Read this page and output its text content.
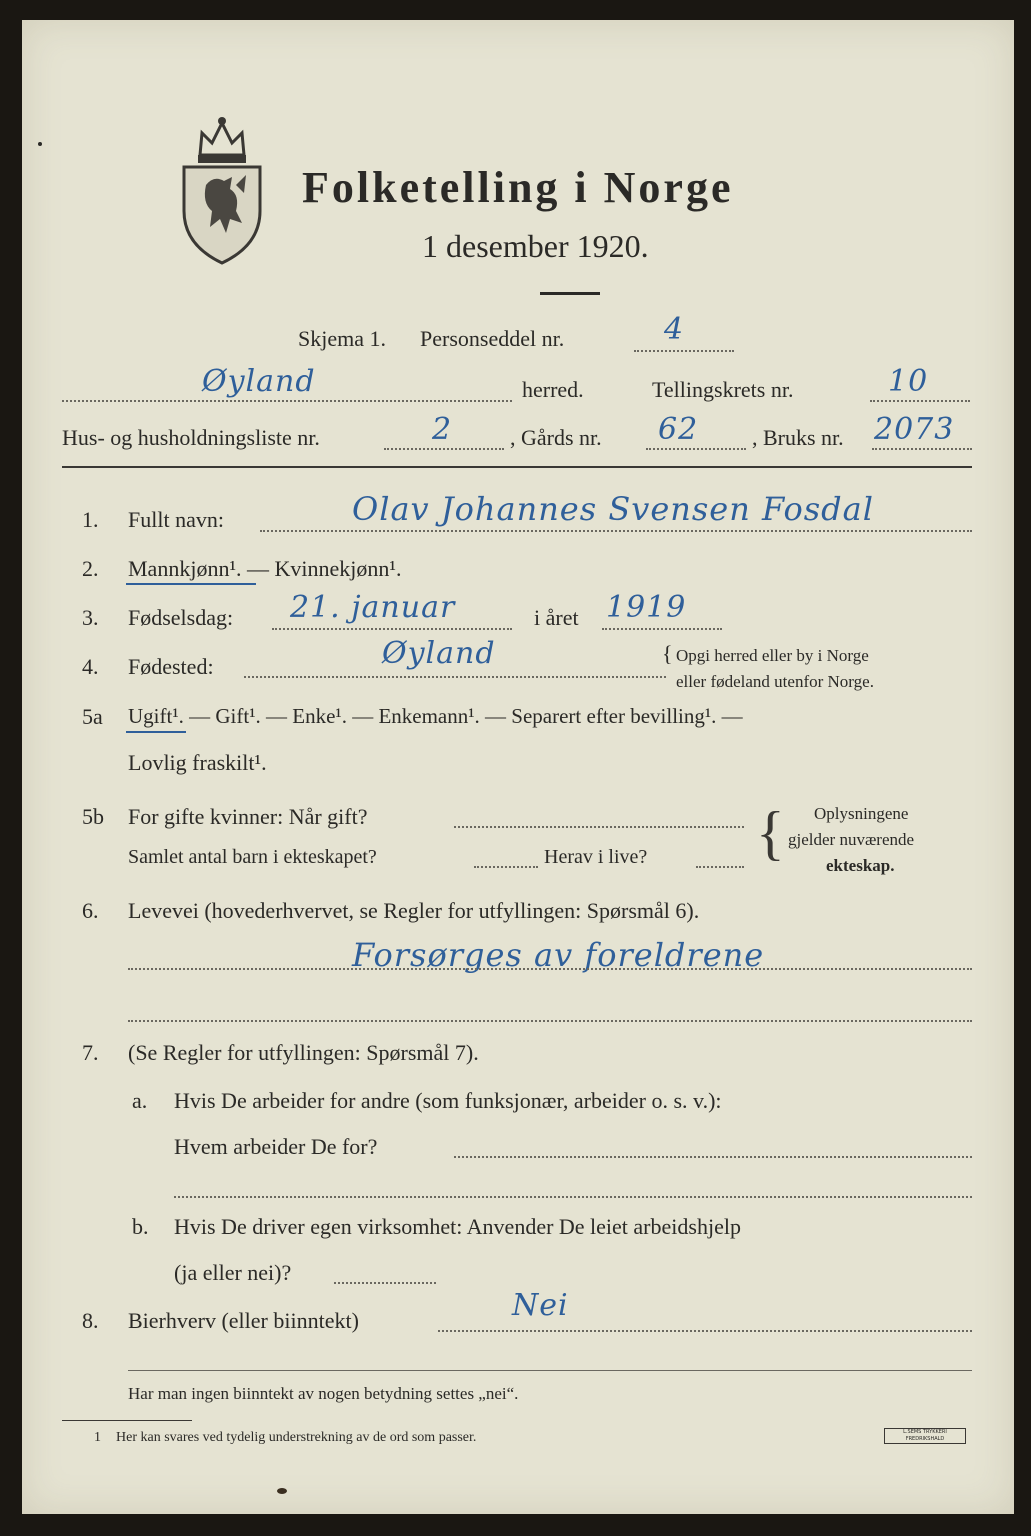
Folketelling i Norge
1 desember 1920.
Skjema 1. Personseddel nr.	4
Øyland	herred.	Tellingskrets nr.	10
Hus- og husholdningsliste nr.	2	, Gårds nr. 62 , Bruks nr. 2073
1. Fullt navn:	Olav Johannes Svensen Fosdal
2. Mannkjønn¹. — Kvinnekjønn¹.
3. Fødselsdag: 21. januar	i året 1919
4. Fødested:	Øyland	{ Opgi herred eller by i Norge
eller fødeland utenfor Norge.
5a Ugift¹. — Gift¹. — Enke¹. — Enkemann¹. — Separert efter bevilling¹. —
Lovlig fraskilt¹.
5b For gifte kvinner: Når gift?
Samlet antal barn i ekteskapet?	Herav i live? { Oplysningene
gjelder nuværende
ekteskap.
6. Levevei (hovederhvervet, se Regler for utfyllingen: Spørsmål 6).
Forsørges av foreldrene
7. (Se Regler for utfyllingen: Spørsmål 7).
a. Hvis De arbeider for andre (som funksjonær, arbeider o. s. v.):
Hvem arbeider De for?
b. Hvis De driver egen virksomhet: Anvender De leiet arbeidshjelp
(ja eller nei)?
8. Bierhverv (eller biinntekt)	Nei
Har man ingen biinntekt av nogen betydning settes „nei“.
1 Her kan svares ved tydelig understrekning av de ord som passer.	L.SEMS TRYKKERI FREDRIKSHALD
